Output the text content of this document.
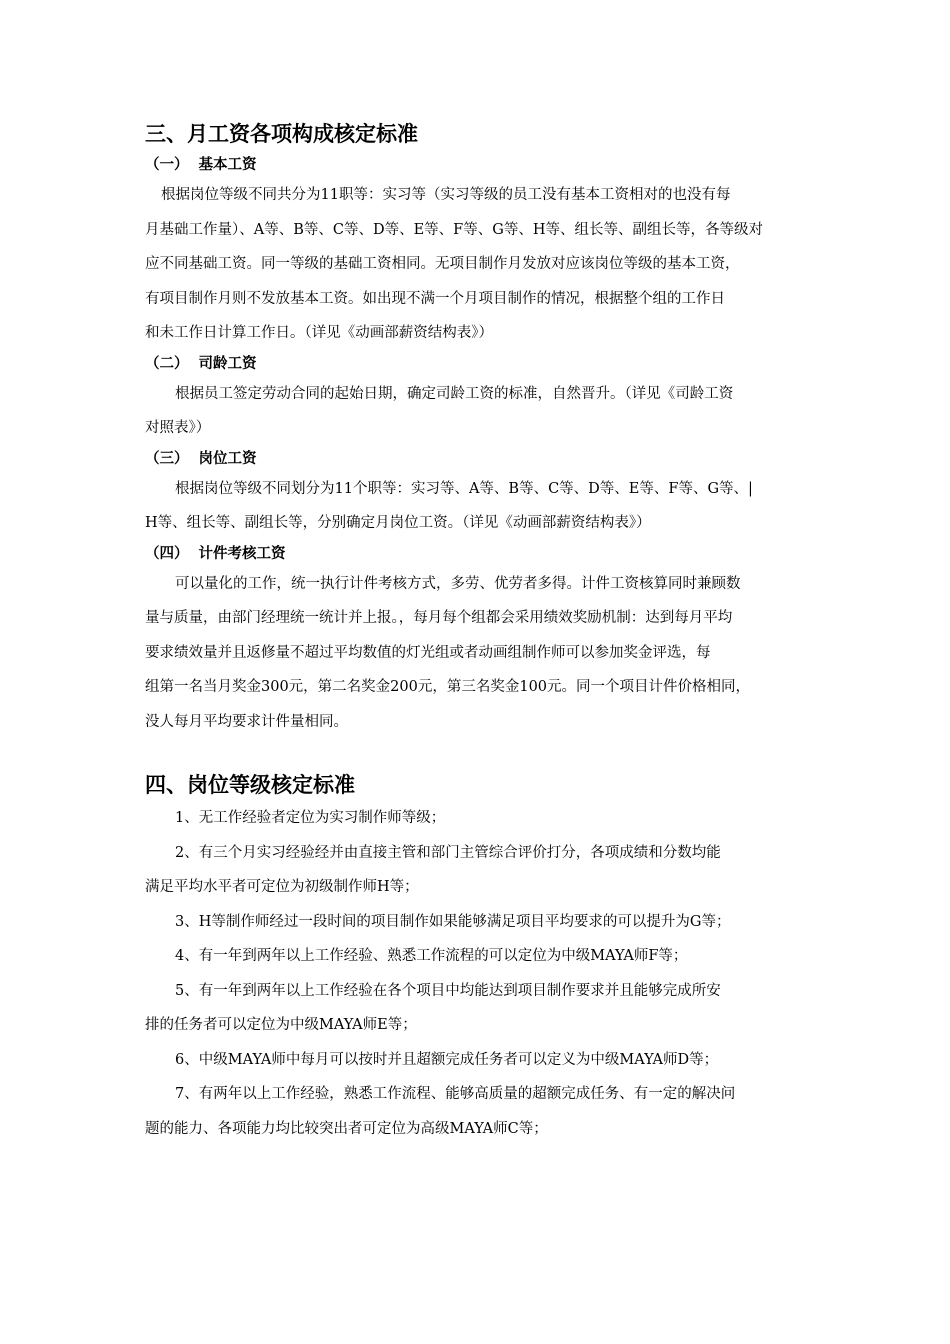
三、月工资各项构成核定标准
（一） 基本工资
根据岗位等级不同共分为11职等：实习等（实习等级的员工没有基本工资相对的也没有每
月基础工作量）、A等、B等、C等、D等、E等、F等、G等、H等、组长等、副组长等，各等级对
应不同基础工资。同一等级的基础工资相同。无项目制作月发放对应该岗位等级的基本工资，
有项目制作月则不发放基本工资。如出现不满一个月项目制作的情况，根据整个组的工作日
和未工作日计算工作日。（详见《动画部薪资结构表》）
（二） 司龄工资
根据员工签定劳动合同的起始日期，确定司龄工资的标准，自然晋升。（详见《司龄工资
对照表》）
（三） 岗位工资
根据岗位等级不同划分为11个职等：实习等、A等、B等、C等、D等、E等、F等、G等、|
H等、组长等、副组长等，分别确定月岗位工资。（详见《动画部薪资结构表》）
（四） 计件考核工资
可以量化的工作，统一执行计件考核方式，多劳、优劳者多得。计件工资核算同时兼顾数
量与质量，由部门经理统一统计并上报。，每月每个组都会采用绩效奖励机制：达到每月平均
要求绩效量并且返修量不超过平均数值的灯光组或者动画组制作师可以参加奖金评选，每
组第一名当月奖金300元，第二名奖金200元，第三名奖金100元。同一个项目计件价格相同，
没人每月平均要求计件量相同。
四、岗位等级核定标准
1、无工作经验者定位为实习制作师等级；
2、有三个月实习经验经并由直接主管和部门主管综合评价打分，各项成绩和分数均能
满足平均水平者可定位为初级制作师H等；
3、H等制作师经过一段时间的项目制作如果能够满足项目平均要求的可以提升为G等；
4、有一年到两年以上工作经验、熟悉工作流程的可以定位为中级MAYA师F等；
5、有一年到两年以上工作经验在各个项目中均能达到项目制作要求并且能够完成所安
排的任务者可以定位为中级MAYA师E等；
6、中级MAYA师中每月可以按时并且超额完成任务者可以定义为中级MAYA师D等；
7、有两年以上工作经验，熟悉工作流程、能够高质量的超额完成任务、有一定的解决问
题的能力、各项能力均比较突出者可定位为高级MAYA师C等；
